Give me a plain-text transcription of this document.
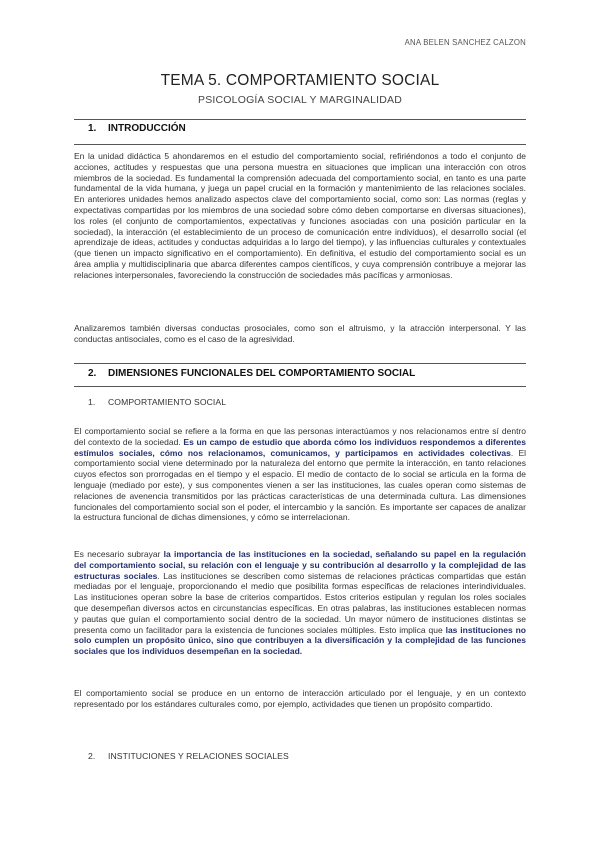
ANA BELEN SANCHEZ CALZON
TEMA 5. COMPORTAMIENTO SOCIAL
PSICOLOGÍA SOCIAL Y MARGINALIDAD
1. INTRODUCCIÓN

En la unidad didáctica 5 ahondaremos en el estudio del comportamiento social, refiriéndonos a todo el conjunto de acciones, actitudes y respuestas que una persona muestra en situaciones que implican una interacción con otros miembros de la sociedad. Es fundamental la comprensión adecuada del comportamiento social, en tanto es una parte fundamental de la vida humana, y juega un papel crucial en la formación y mantenimiento de las relaciones sociales. En anteriores unidades hemos analizado aspectos clave del comportamiento social, como son: Las normas (reglas y expectativas compartidas por los miembros de una sociedad sobre cómo deben comportarse en diversas situaciones), los roles (el conjunto de comportamientos, expectativas y funciones asociadas con una posición particular en la sociedad), la interacción (el establecimiento de un proceso de comunicación entre individuos), el desarrollo social (el aprendizaje de ideas, actitudes y conductas adquiridas a lo largo del tiempo), y las influencias culturales y contextuales (que tienen un impacto significativo en el comportamiento). En definitiva, el estudio del comportamiento social es un área amplia y multidisciplinaria que abarca diferentes campos científicos, y cuya comprensión contribuye a mejorar las relaciones interpersonales, favoreciendo la construcción de sociedades más pacíficas y armoniosas.

Analizaremos también diversas conductas prosociales, como son el altruismo, y la atracción interpersonal. Y las conductas antisociales, como es el caso de la agresividad.

2. DIMENSIONES FUNCIONALES DEL COMPORTAMIENTO SOCIAL
1. COMPORTAMIENTO SOCIAL

El comportamiento social se refiere a la forma en que las personas interactúamos y nos relacionamos entre sí dentro del contexto de la sociedad. Es un campo de estudio que aborda cómo los individuos respondemos a diferentes estímulos sociales, cómo nos relacionamos, comunicamos, y participamos en actividades colectivas. El comportamiento social viene determinado por la naturaleza del entorno que permite la interacción, en tanto relaciones cuyos efectos son prorrogadas en el tiempo y el espacio. El medio de contacto de lo social se articula en la forma de lenguaje (mediado por este), y sus componentes vienen a ser las instituciones, las cuales operan como sistemas de relaciones de avenencia transmitidos por las prácticas características de una determinada cultura. Las dimensiones funcionales del comportamiento social son el poder, el intercambio y la sanción. Es importante ser capaces de analizar la estructura funcional de dichas dimensiones, y cómo se interrelacionan.

Es necesario subrayar la importancia de las instituciones en la sociedad, señalando su papel en la regulación del comportamiento social, su relación con el lenguaje y su contribución al desarrollo y la complejidad de las estructuras sociales. Las instituciones se describen como sistemas de relaciones prácticas compartidas que están mediadas por el lenguaje, proporcionando el medio que posibilita formas específicas de relaciones interindividuales. Las instituciones operan sobre la base de criterios compartidos. Estos criterios estipulan y regulan los roles sociales que desempeñan diversos actos en circunstancias específicas. En otras palabras, las instituciones establecen normas y pautas que guían el comportamiento social dentro de la sociedad. Un mayor número de instituciones distintas se presenta como un facilitador para la existencia de funciones sociales múltiples. Esto implica que las instituciones no solo cumplen un propósito único, sino que contribuyen a la diversificación y la complejidad de las funciones sociales que los individuos desempeñan en la sociedad.

El comportamiento social se produce en un entorno de interacción articulado por el lenguaje, y en un contexto representado por los estándares culturales como, por ejemplo, actividades que tienen un propósito compartido.

2. INSTITUCIONES Y RELACIONES SOCIALES
